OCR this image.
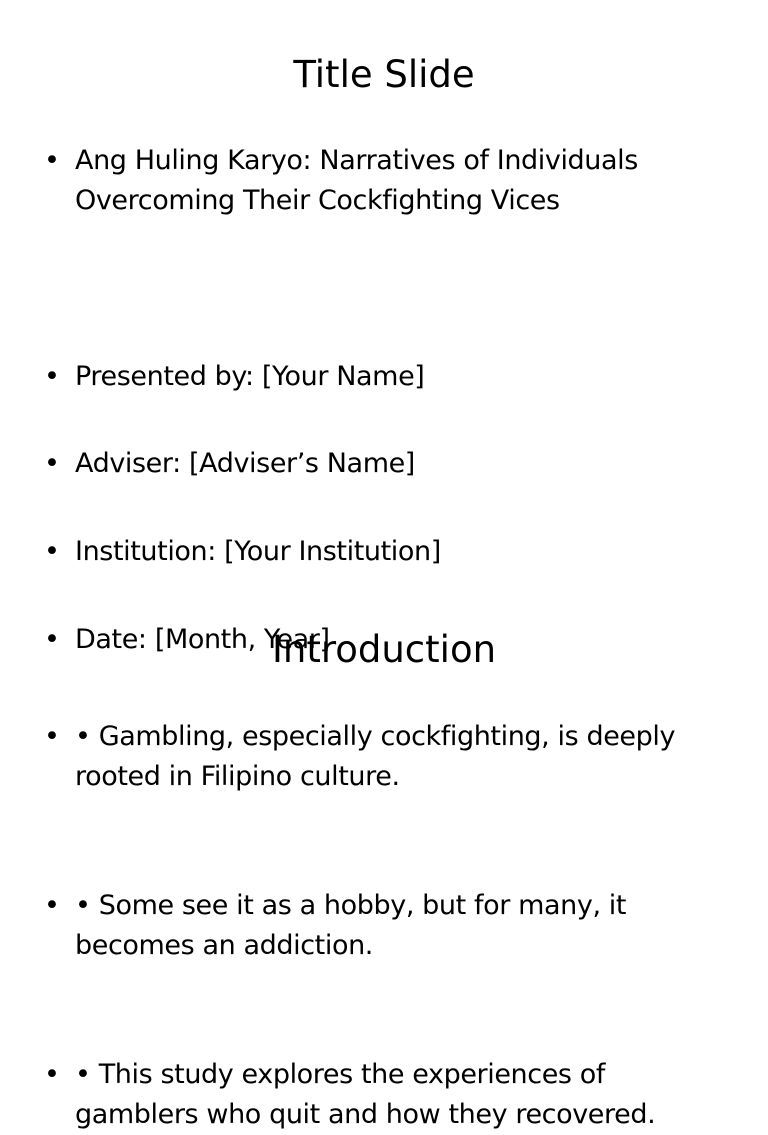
Title Slide
• Ang Huling Karyo: Narratives of Individuals Overcoming Their Cockfighting Vices
• Presented by: [Your Name]
• Adviser: [Adviser’s Name]
• Institution: [Your Institution]
• Date: [Month, Year]
Introduction
• • Gambling, especially cockfighting, is deeply rooted in Filipino culture.
• • Some see it as a hobby, but for many, it becomes an addiction.
• • This study explores the experiences of gamblers who quit and how they recovered.
